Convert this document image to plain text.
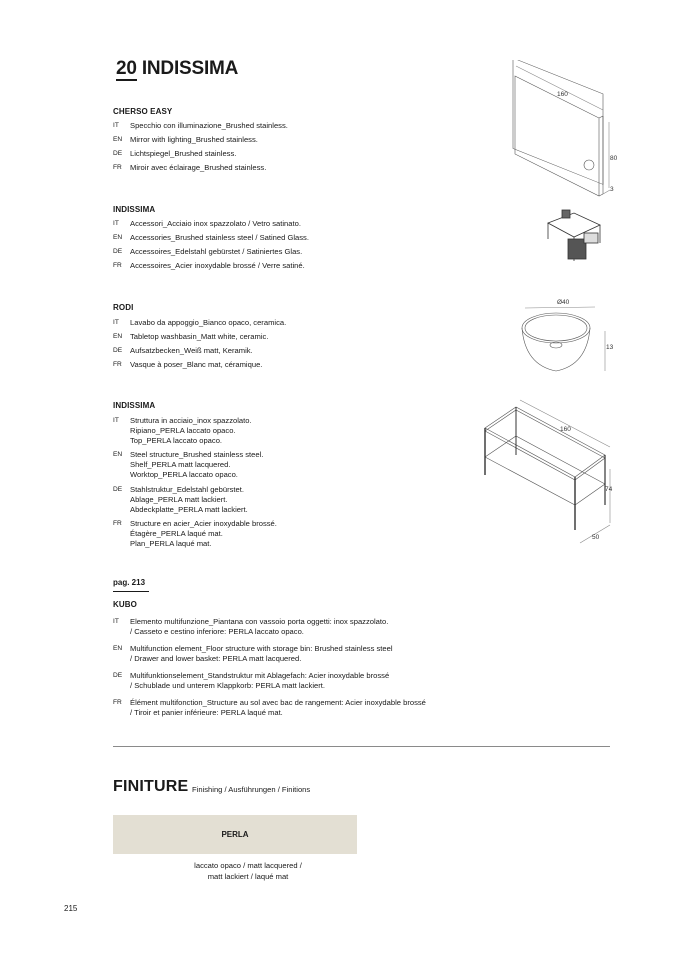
20 INDISSIMA
CHERSO EASY
IT Specchio con illuminazione_Brushed stainless.
EN Mirror with lighting_Brushed stainless.
DE Lichtspiegel_Brushed stainless.
FR Miroir avec éclairage_Brushed stainless.
INDISSIMA
IT Accessori_Acciaio inox spazzolato / Vetro satinato.
EN Accessories_Brushed stainless steel / Satined Glass.
DE Accessoires_Edelstahl gebürstet / Satiniertes Glas.
FR Accessoires_Acier inoxydable brossé / Verre satiné.
RODI
IT Lavabo da appoggio_Bianco opaco, ceramica.
EN Tabletop washbasin_Matt white, ceramic.
DE Aufsatzbecken_Weiß matt, Keramik.
FR Vasque à poser_Blanc mat, céramique.
INDISSIMA
IT Struttura in acciaio_inox spazzolato.
Ripiano_PERLA laccato opaco.
Top_PERLA laccato opaco.
EN Steel structure_Brushed stainless steel.
Shelf_PERLA matt lacquered.
Worktop_PERLA laccato opaco.
DE Stahlstruktur_Edelstahl gebürstet.
Ablage_PERLA matt lackiert.
Abdeckplatte_PERLA matt lackiert.
FR Structure en acier_Acier inoxydable brossé.
Étagère_PERLA laqué mat.
Plan_PERLA laqué mat.
pag. 213
KUBO
IT Elemento multifunzione_Piantana con vassoio porta oggetti: inox spazzolato.
/ Casseto e cestino inferiore: PERLA laccato opaco.
EN Multifunction element_Floor structure with storage bin: Brushed stainless steel
/ Drawer and lower basket: PERLA matt lacquered.
DE Multifunktionselement_Standstruktur mit Ablagefach: Acier inoxydable brossé
/ Schublade und unterem Klappkorb: PERLA matt lackiert.
FR Élément multifonction_Structure au sol avec bac de rangement: Acier inoxydable brossé
/ Tiroir et panier inférieure: PERLA laqué mat.
160
80
3
Ø40
13
160
74
50
FINITURE Finishing / Ausführungen / Finitions
PERLA
laccato opaco / matt lacquered /
matt lackiert / laqué mat
215
